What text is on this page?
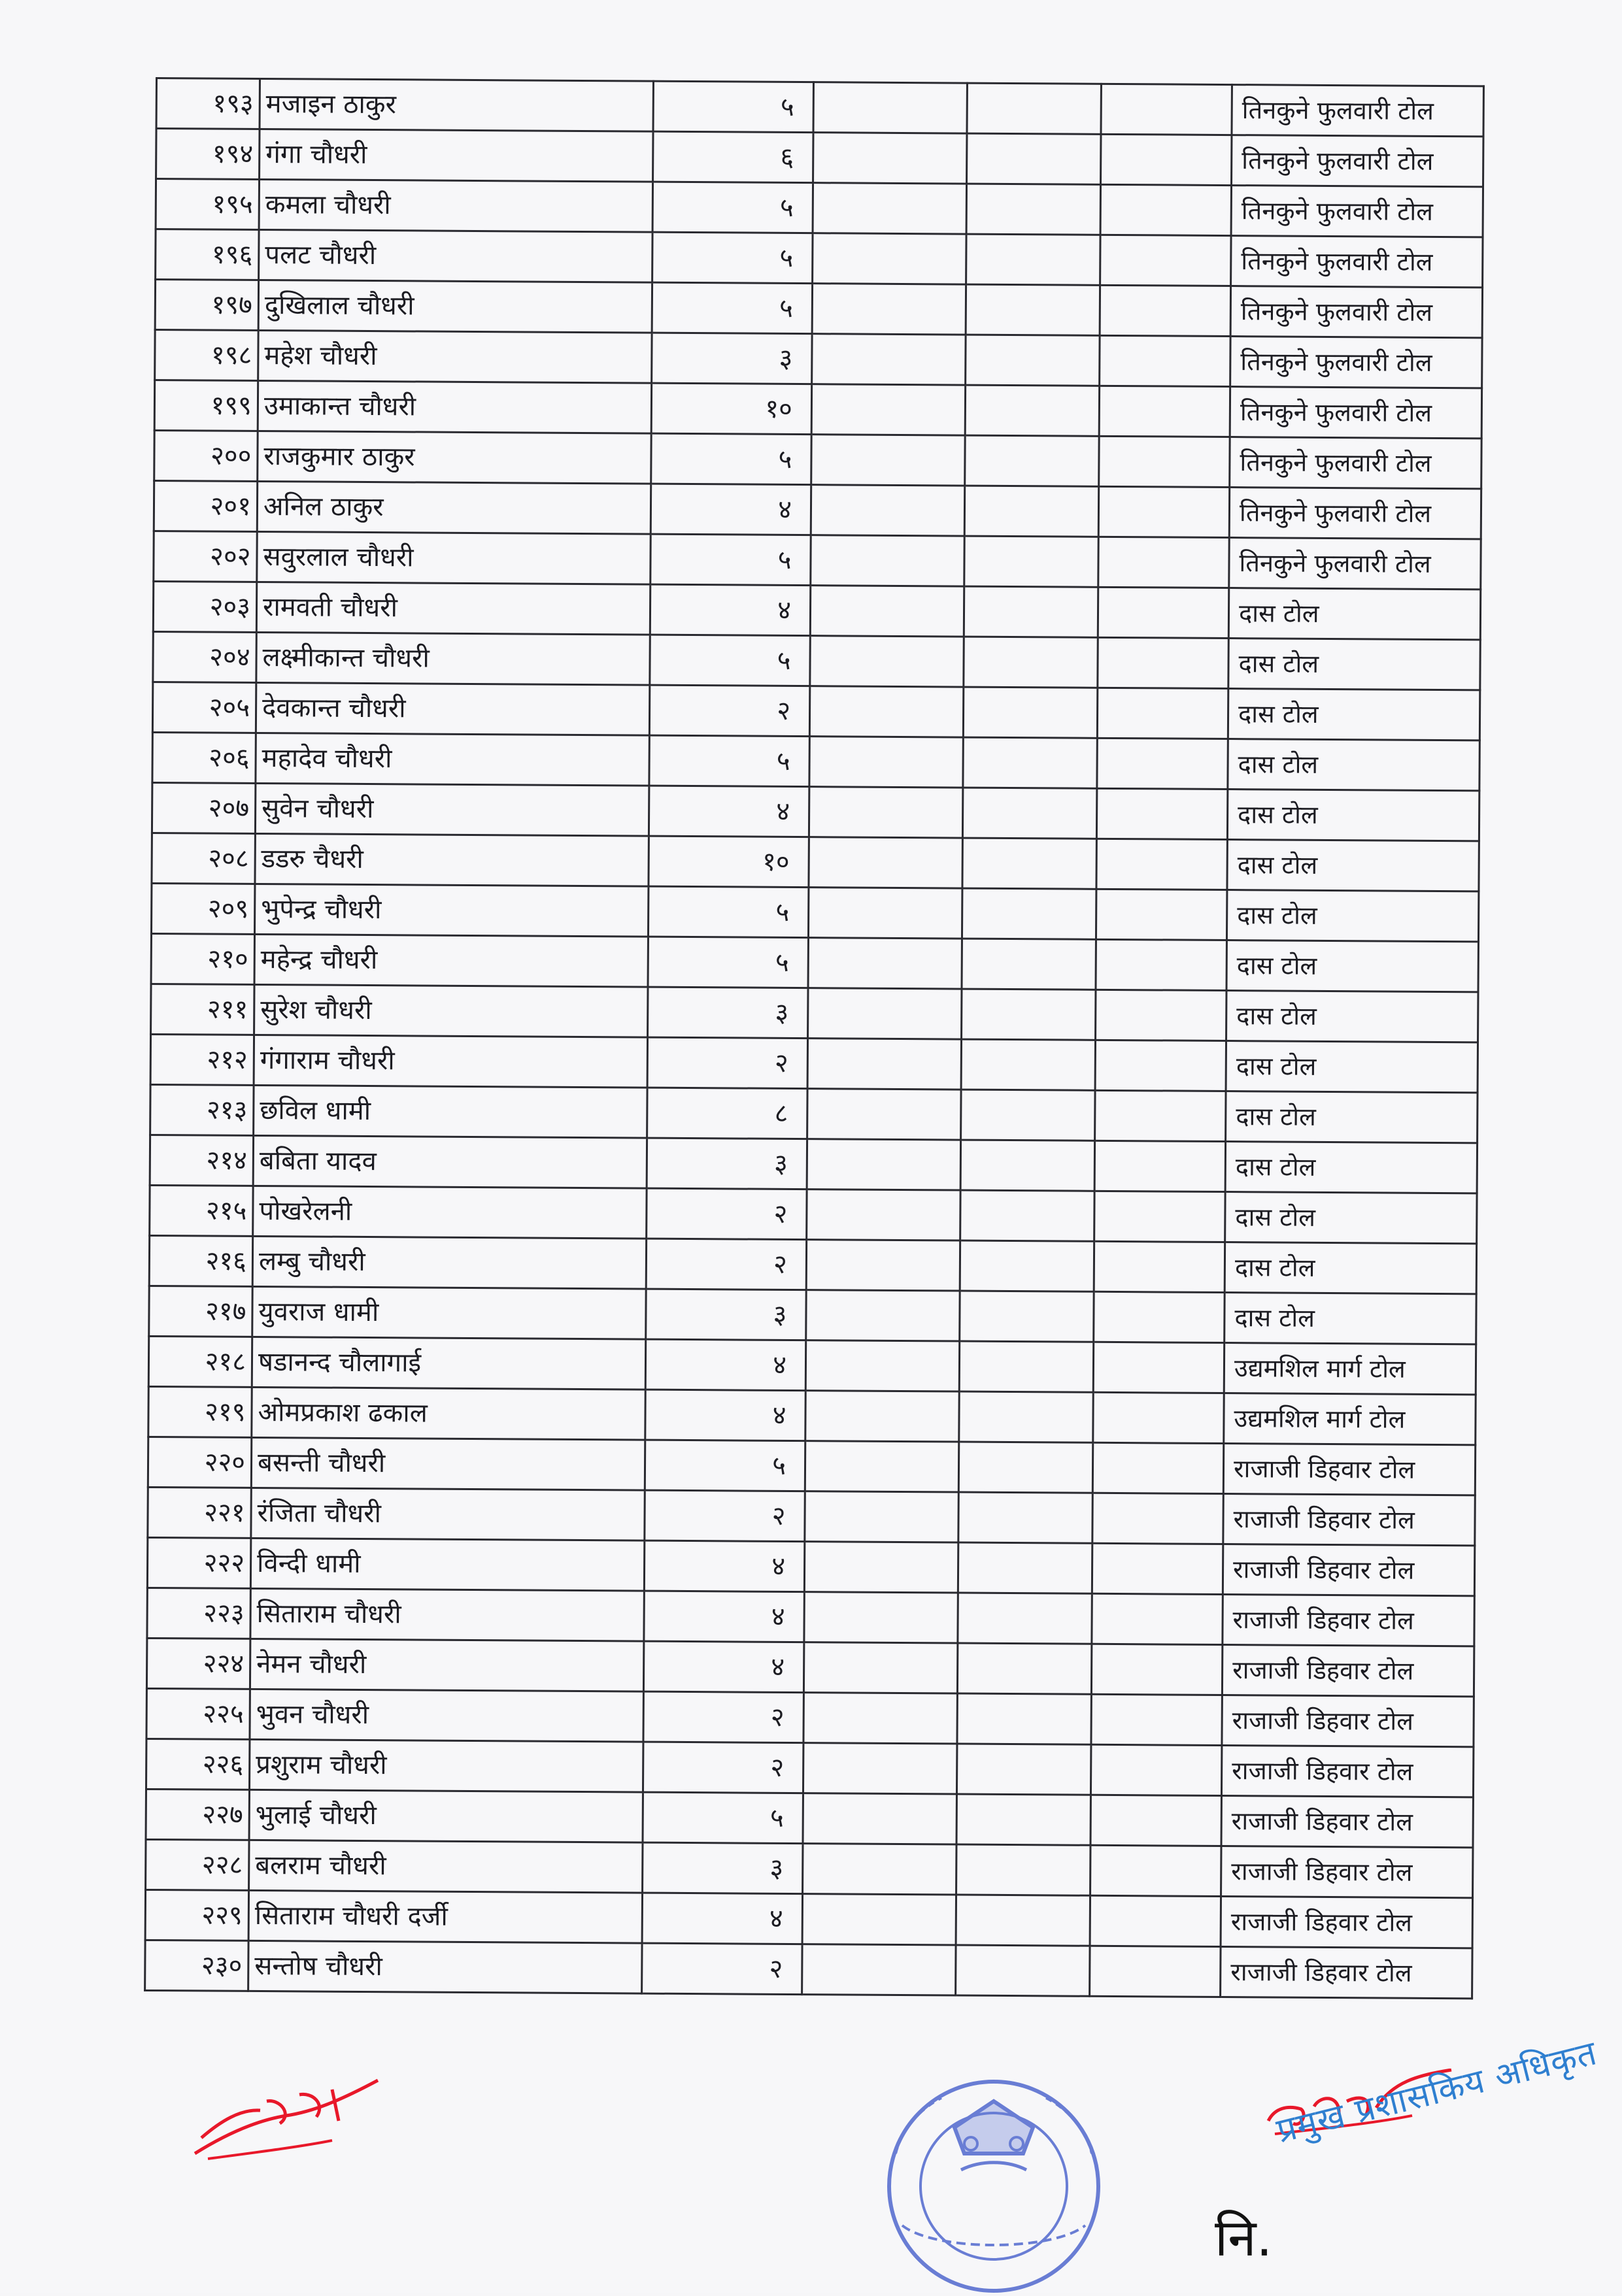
१९३	मजाइन ठाकुर	५				तिनकुने फुलवारी टोल
१९४	गंगा चौधरी	६				तिनकुने फुलवारी टोल
१९५	कमला चौधरी	५				तिनकुने फुलवारी टोल
१९६	पलट चौधरी	५				तिनकुने फुलवारी टोल
१९७	दुखिलाल चौधरी	५				तिनकुने फुलवारी टोल
१९८	महेश चौधरी	३				तिनकुने फुलवारी टोल
१९९	उमाकान्त चौधरी	१०				तिनकुने फुलवारी टोल
२००	राजकुमार ठाकुर	५				तिनकुने फुलवारी टोल
२०१	अनिल ठाकुर	४				तिनकुने फुलवारी टोल
२०२	सवुरलाल चौधरी	५				तिनकुने फुलवारी टोल
२०३	रामवती चौधरी	४				दास टोल
२०४	लक्ष्मीकान्त चौधरी	५				दास टोल
२०५	देवकान्त चौधरी	२				दास टोल
२०६	महादेव चौधरी	५				दास टोल
२०७	सुवेन चौधरी	४				दास टोल
२०८	डडरु चैधरी	१०				दास टोल
२०९	भुपेन्द्र चौधरी	५				दास टोल
२१०	महेन्द्र चौधरी	५				दास टोल
२११	सुरेश चौधरी	३				दास टोल
२१२	गंगाराम चौधरी	२				दास टोल
२१३	छविल धामी	८				दास टोल
२१४	बबिता यादव	३				दास टोल
२१५	पोखरेलनी	२				दास टोल
२१६	लम्बु चौधरी	२				दास टोल
२१७	युवराज धामी	३				दास टोल
२१८	षडानन्द चौलागाई	४				उद्यमशिल मार्ग टोल
२१९	ओमप्रकाश ढकाल	४				उद्यमशिल मार्ग टोल
२२०	बसन्ती चौधरी	५				राजाजी डिहवार टोल
२२१	रंजिता चौधरी	२				राजाजी डिहवार टोल
२२२	विन्दी धामी	४				राजाजी डिहवार टोल
२२३	सिताराम चौधरी	४				राजाजी डिहवार टोल
२२४	नेमन चौधरी	४				राजाजी डिहवार टोल
२२५	भुवन चौधरी	२				राजाजी डिहवार टोल
२२६	प्रशुराम चौधरी	२				राजाजी डिहवार टोल
२२७	भुलाई चौधरी	५				राजाजी डिहवार टोल
२२८	बलराम चौधरी	३				राजाजी डिहवार टोल
२२९	सिताराम चौधरी दर्जी	४				राजाजी डिहवार टोल
२३०	सन्तोष चौधरी	२				राजाजी डिहवार टोल
प्रमुख प्रशासकिय अधिकृत
नि.
